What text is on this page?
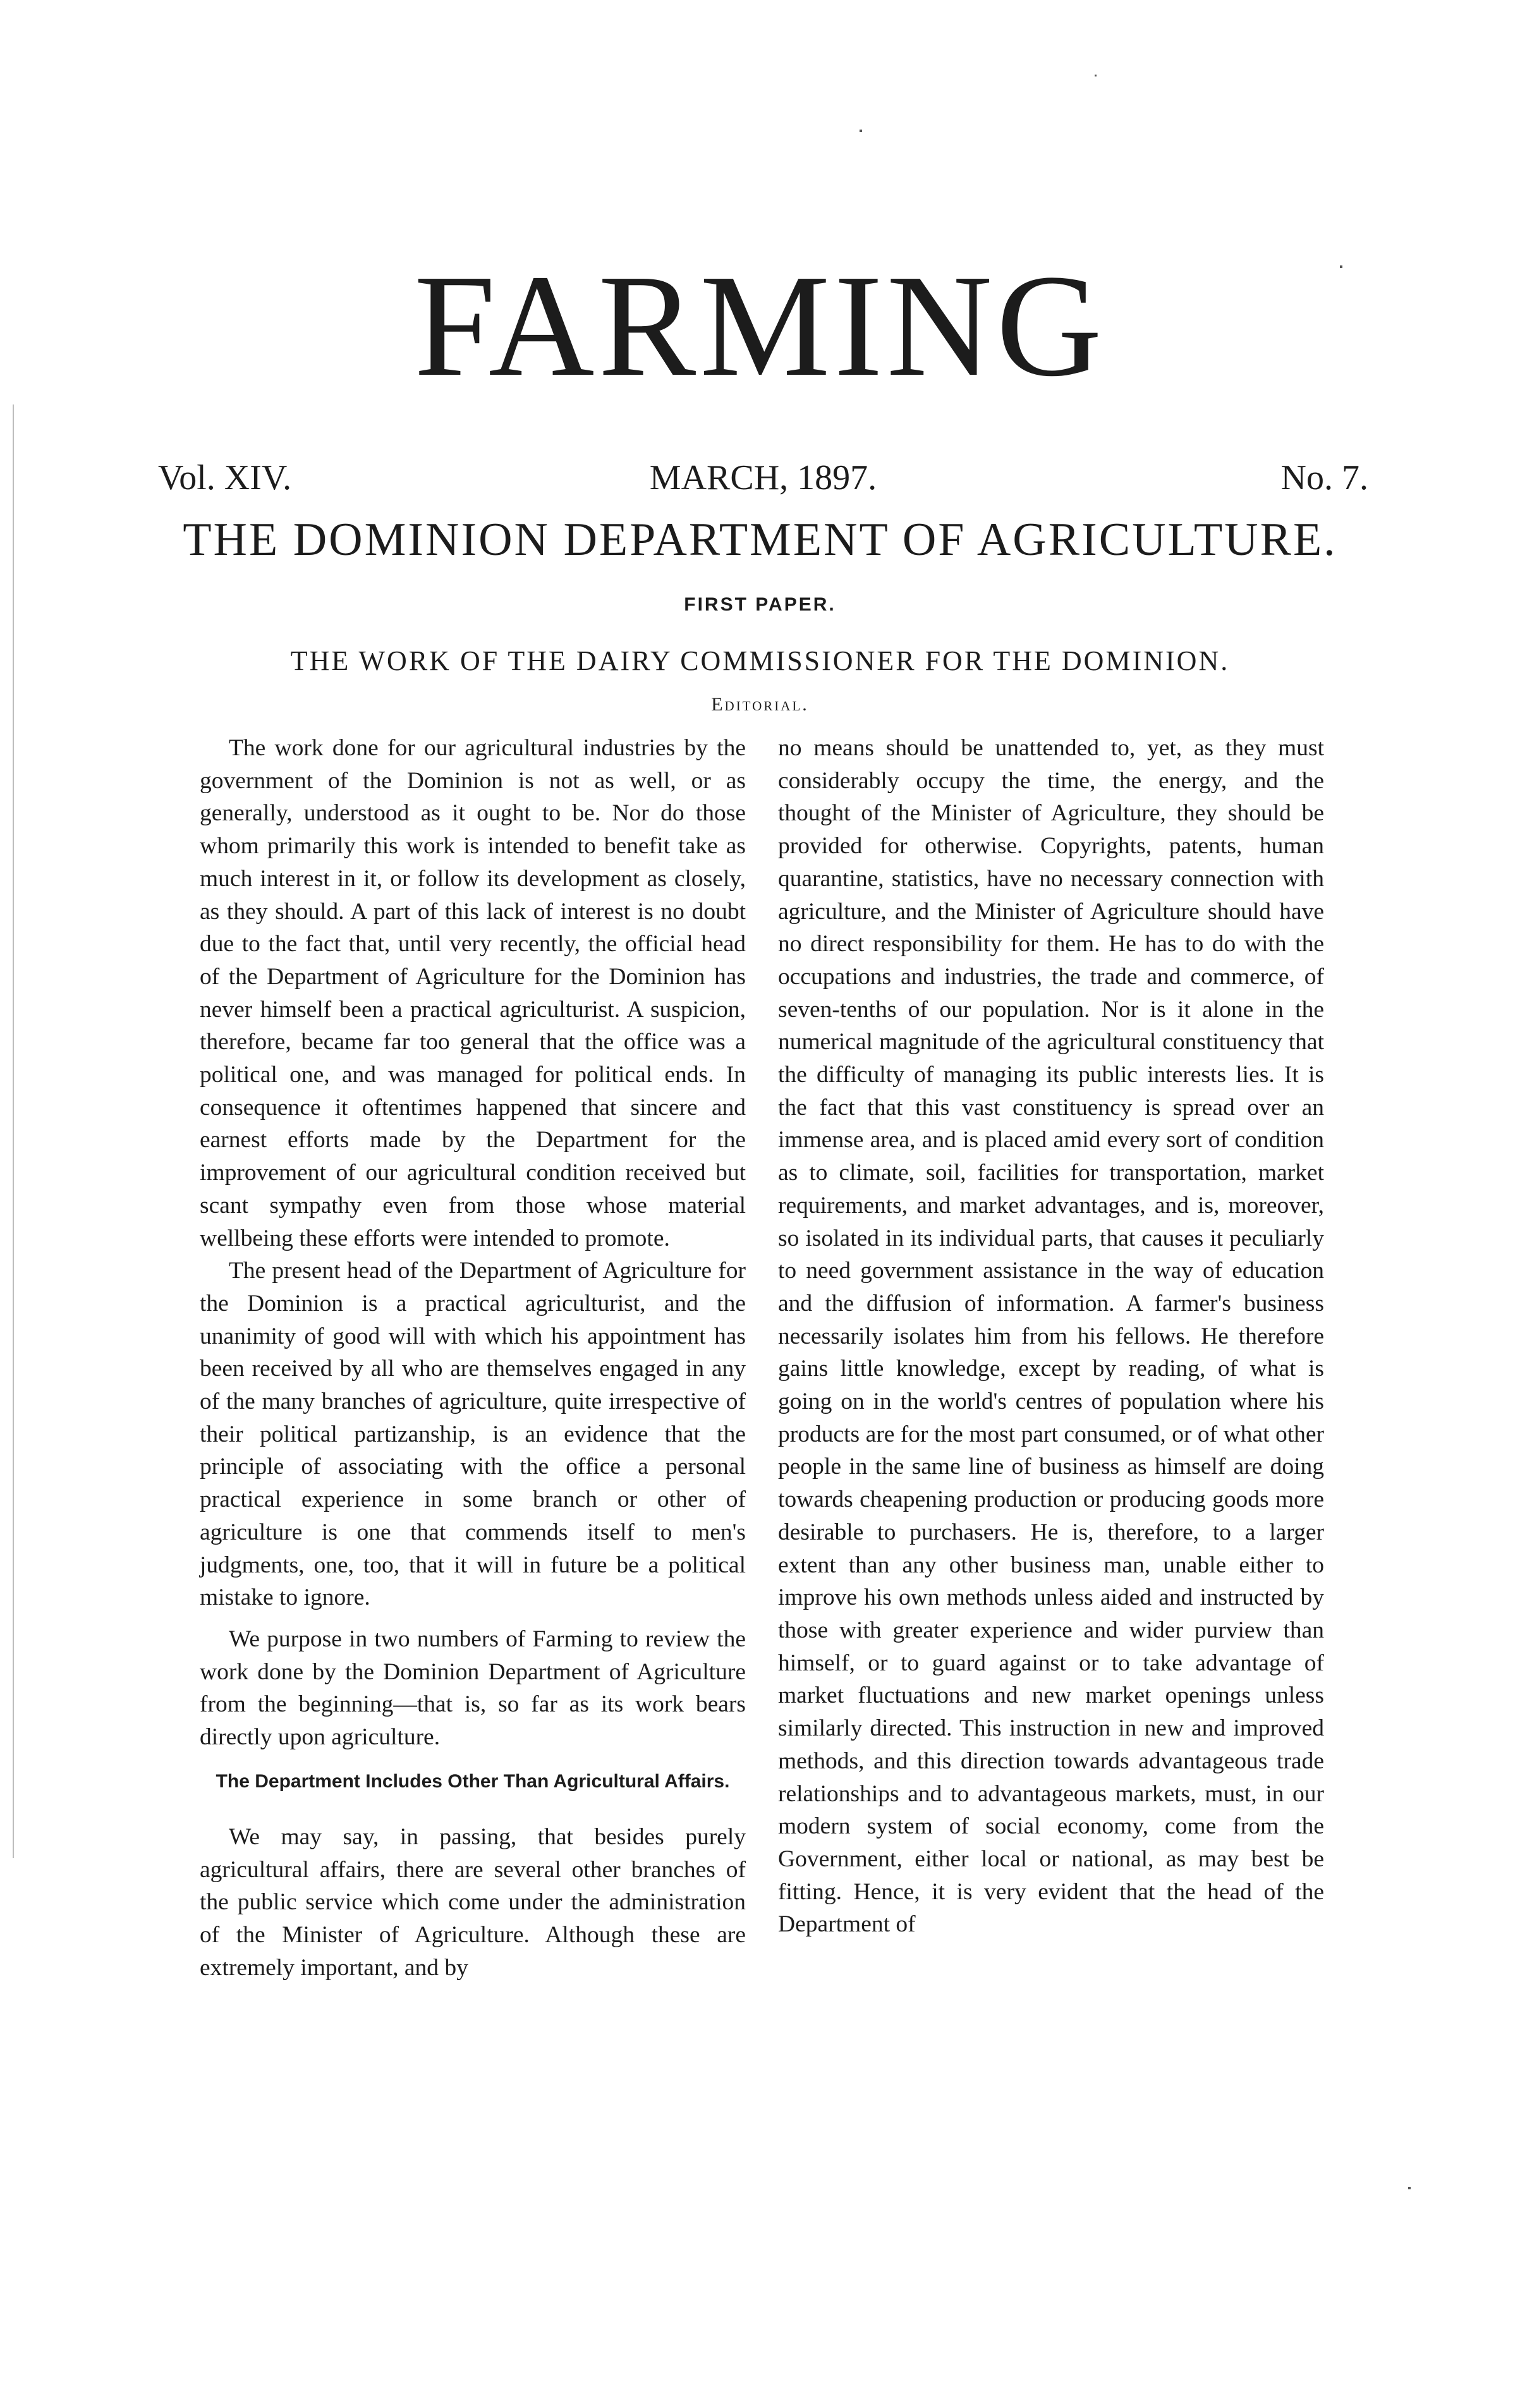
FARMING
Vol. XIV.	MARCH, 1897.	No. 7.
THE DOMINION DEPARTMENT OF AGRICULTURE.
FIRST PAPER.
THE WORK OF THE DAIRY COMMISSIONER FOR THE DOMINION.
Editorial.

The work done for our agricultural industries by the government of the Dominion is not as well, or as generally, understood as it ought to be. Nor do those whom primarily this work is intended to benefit take as much interest in it, or follow its development as closely, as they should. A part of this lack of interest is no doubt due to the fact that, until very recently, the official head of the Department of Agriculture for the Dominion has never himself been a practical agriculturist. A suspicion, therefore, became far too general that the office was a political one, and was managed for political ends. In consequence it oftentimes happened that sincere and earnest efforts made by the Department for the improvement of our agricultural condition received but scant sympathy even from those whose material wellbeing these efforts were intended to promote.

The present head of the Department of Agriculture for the Dominion is a practical agriculturist, and the unanimity of good will with which his appointment has been received by all who are themselves engaged in any of the many branches of agriculture, quite irrespective of their political partizanship, is an evidence that the principle of associating with the office a personal practical experience in some branch or other of agriculture is one that commends itself to men's judgments, one, too, that it will in future be a political mistake to ignore.

We purpose in two numbers of Farming to review the work done by the Dominion Department of Agriculture from the beginning—that is, so far as its work bears directly upon agriculture.

The Department Includes Other Than Agricultural Affairs.

We may say, in passing, that besides purely agricultural affairs, there are several other branches of the public service which come under the administration of the Minister of Agriculture. Although these are extremely important, and by

no means should be unattended to, yet, as they must considerably occupy the time, the energy, and the thought of the Minister of Agriculture, they should be provided for otherwise. Copyrights, patents, human quarantine, statistics, have no necessary connection with agriculture, and the Minister of Agriculture should have no direct responsibility for them. He has to do with the occupations and industries, the trade and commerce, of seven-tenths of our population. Nor is it alone in the numerical magnitude of the agricultural constituency that the difficulty of managing its public interests lies. It is the fact that this vast constituency is spread over an immense area, and is placed amid every sort of condition as to climate, soil, facilities for transportation, market requirements, and market advantages, and is, moreover, so isolated in its individual parts, that causes it peculiarly to need government assistance in the way of education and the diffusion of information. A farmer's business necessarily isolates him from his fellows. He therefore gains little knowledge, except by reading, of what is going on in the world's centres of population where his products are for the most part consumed, or of what other people in the same line of business as himself are doing towards cheapening production or producing goods more desirable to purchasers. He is, therefore, to a larger extent than any other business man, unable either to improve his own methods unless aided and instructed by those with greater experience and wider purview than himself, or to guard against or to take advantage of market fluctuations and new market openings unless similarly directed. This instruction in new and improved methods, and this direction towards advantageous trade relationships and to advantageous markets, must, in our modern system of social economy, come from the Government, either local or national, as may best be fitting. Hence, it is very evident that the head of the Department of
